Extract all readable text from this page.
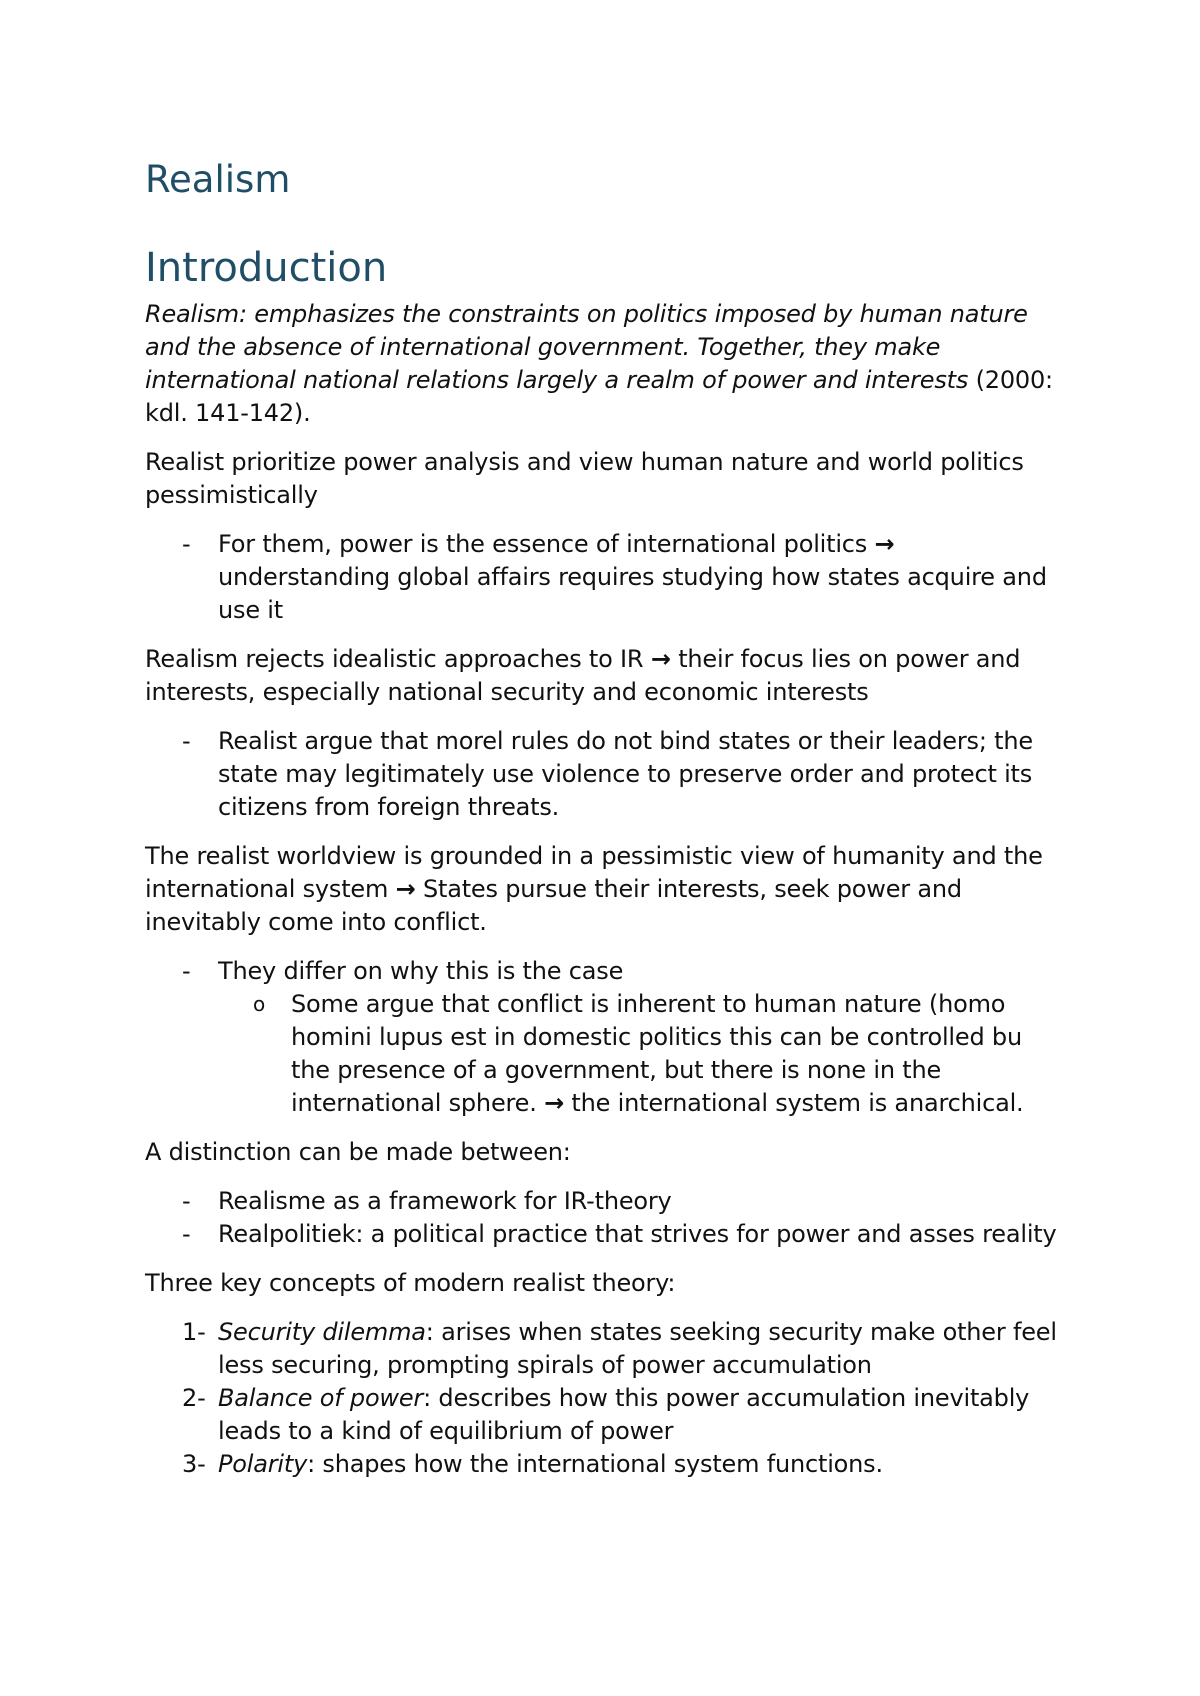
Realism
Introduction

Realism: emphasizes the constraints on politics imposed by human nature and the absence of international government. Together, they make international national relations largely a realm of power and interests (2000: kdl. 141-142).

Realist prioritize power analysis and view human nature and world politics pessimistically

- For them, power is the essence of international politics → understanding global affairs requires studying how states acquire and use it

Realism rejects idealistic approaches to IR → their focus lies on power and interests, especially national security and economic interests

- Realist argue that morel rules do not bind states or their leaders; the state may legitimately use violence to preserve order and protect its citizens from foreign threats.

The realist worldview is grounded in a pessimistic view of humanity and the international system → States pursue their interests, seek power and inevitably come into conflict.

- They differ on why this is the case
o Some argue that conflict is inherent to human nature (homo homini lupus est in domestic politics this can be controlled bu the presence of a government, but there is none in the international sphere. → the international system is anarchical.

A distinction can be made between:

- Realisme as a framework for IR-theory
- Realpolitiek: a political practice that strives for power and asses reality

Three key concepts of modern realist theory:

1- Security dilemma: arises when states seeking security make other feel less securing, prompting spirals of power accumulation
2- Balance of power: describes how this power accumulation inevitably leads to a kind of equilibrium of power
3- Polarity: shapes how the international system functions.
